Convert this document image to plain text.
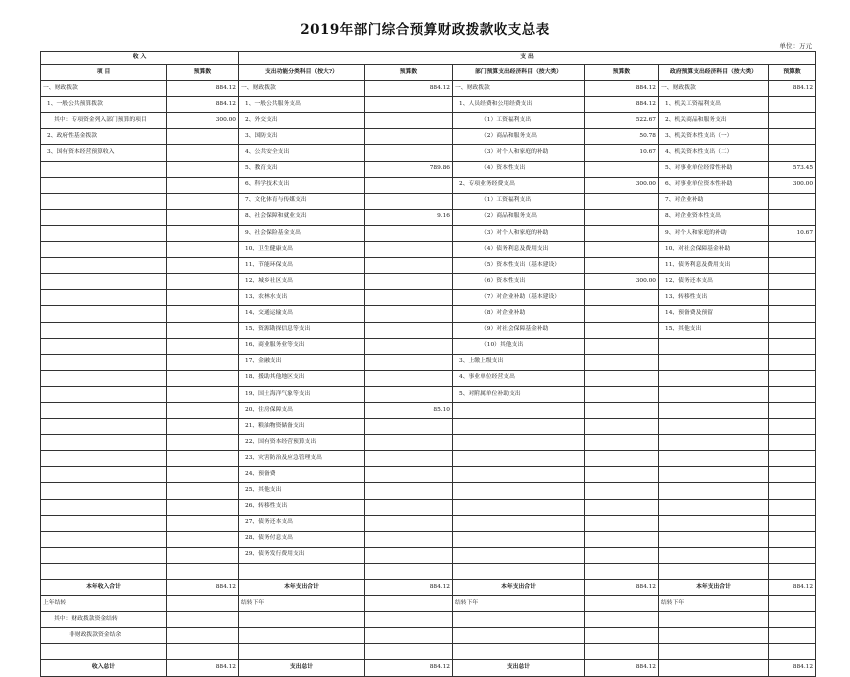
2019年部门综合预算财政拨款收支总表
单位：万元
收 入		支 出					
项 目	预算数	支出功能分类科目（按大?）	预算数	部门预算支出经济科目（按大类）	预算数	政府预算支出经济科目（按大类）	预算数
一、财政拨款	884.12	一、财政拨款	884.12	一、财政拨款	884.12	一、财政拨款	884.12
1、一般公共预算拨款	884.12	1、一般公共服务支出		1、人员经费和公用经费支出	884.12	1、机关工资福利支出	
其中：专项资金列入部门预算的项目	300.00	2、外交支出		（1）工资福利支出	522.67	2、机关商品和服务支出	
2、政府性基金拨款		3、国防支出		（2）商品和服务支出	50.78	3、机关资本性支出（一）	
3、国有资本经营预算收入		4、公共安全支出		（3）对个人和家庭的补助	10.67	4、机关资本性支出（二）	
		5、教育支出	789.86	（4）资本性支出		5、对事业单位经常性补助	573.45
		6、科学技术支出		2、专项业务经费支出	300.00	6、对事业单位资本性补助	300.00
		7、文化体育与传媒支出		（1）工资福利支出		7、对企业补助	
		8、社会保障和就业支出	9.16	（2）商品和服务支出		8、对企业资本性支出	
		9、社会保险基金支出		（3）对个人和家庭的补助		9、对个人和家庭的补助	10.67
		10、卫生健康支出		（4）债务利息及费用支出		10、对社会保障基金补助	
		11、节能环保支出		（5）资本性支出（基本建设）		11、债务利息及费用支出	
		12、城乡社区支出		（6）资本性支出	300.00	12、债务还本支出	
		13、农林水支出		（7）对企业补助（基本建设）		13、转移性支出	
		14、交通运输支出		（8）对企业补助		14、预备费及预留	
		15、资源勘探信息等支出		（9）对社会保障基金补助		15、其他支出	
		16、商业服务业等支出		（10）其他支出			
		17、金融支出		3、上缴上级支出			
		18、援助其他地区支出		4、事业单位经营支出			
		19、国土海洋气象等支出		5、对附属单位补助支出			
		20、住房保障支出	85.10				
		21、粮油物资储备支出					
		22、国有资本经营预算支出					
		23、灾害防治及应急管理支出					
		24、预备费					
		25、其他支出					
		26、转移性支出					
		27、债务还本支出					
		28、债务付息支出					
		29、债务发行费用支出					

本年收入合计	884.12	本年支出合计	884.12	本年支出合计	884.12	本年支出合计	884.12
上年结转		结转下年		结转下年		结转下年	
其中：财政拨款资金结转							
非财政拨款资金结余							

收入总计	884.12	支出总计	884.12	支出总计	884.12		884.12
